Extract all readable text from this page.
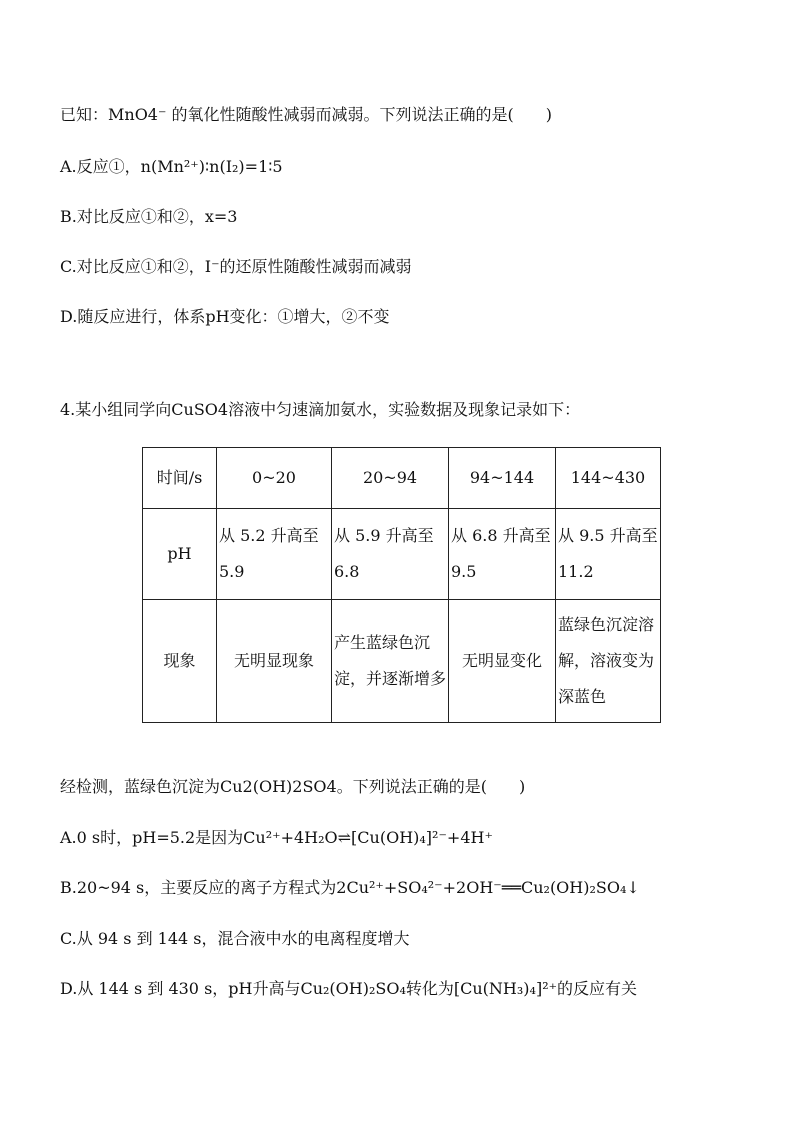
已知：MnO4⁻ 的氧化性随酸性减弱而减弱。下列说法正确的是(　　)
A.反应①，n(Mn²⁺)∶n(I₂)=1∶5
B.对比反应①和②，x=3
C.对比反应①和②，I⁻的还原性随酸性减弱而减弱
D.随反应进行，体系pH变化：①增大，②不变
4.某小组同学向CuSO4溶液中匀速滴加氨水，实验数据及现象记录如下：
时间/s	0~20	20~94	94~144	144~430
pH	从 5.2 升高至 5.9	从 5.9 升高至 6.8	从 6.8 升高至 9.5	从 9.5 升高至 11.2
现象	无明显现象	产生蓝绿色沉淀，并逐渐增多	无明显变化	蓝绿色沉淀溶解，溶液变为深蓝色
经检测，蓝绿色沉淀为Cu2(OH)2SO4。下列说法正确的是(　　)
A.0 s时，pH=5.2是因为Cu²⁺+4H₂O⇌[Cu(OH)₄]²⁻+4H⁺
B.20~94 s，主要反应的离子方程式为2Cu²⁺+SO₄²⁻+2OH⁻══Cu₂(OH)₂SO₄↓
C.从 94 s 到 144 s，混合液中水的电离程度增大
D.从 144 s 到 430 s，pH升高与Cu₂(OH)₂SO₄转化为[Cu(NH₃)₄]²⁺的反应有关
